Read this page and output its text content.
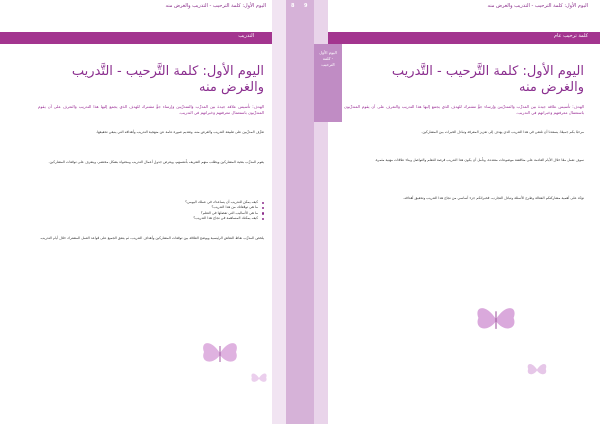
اليوم الأول: كلمة الترحيب - التدريب والغرض منه
التدريب
اليوم الأول: كلمة التَّرحيب - التَّدريب والغرض منه
الهدف: تأسيس علاقة جيدة بين المدرِّب والمتدرِّبين وإرساء جوٍّ مشترك للهدف الذي يجمع إليها هذا التدريب والتعرف على أن يقوم المتدرِّبون باستعمال معرفتهم وخبراتهم في التدريب.
تعرِّف المدرِّبين على طبيعة التدريب والغرض منه، وتقديم صورة عامة عن منهجية التدريب وأهدافه التي ينبغي تحقيقها.
يقوم المدرِّب بتحية المشاركين ويطلب منهم التعريف بأنفسهم، ويعرض جدول أعمال التدريب ومحتواه بشكل مختصر، ويتعرف على توقعات المشاركين.
كيف يمكن للتدريب أن يساعدك في عملك اليومي؟
ما هي توقعاتك من هذا التدريب؟
ما هي الأساليب التي تفضلها في التعلم؟
كيف يمكنك المساهمة في نجاح هذا التدريب؟
يلخص المدرِّب نقاط النقاش الرئيسية ويوضح العلاقة بين توقعات المشاركين وأهداف التدريب، ثم يتفق الجميع على قواعد العمل المشترك خلال أيام التدريب.
8 9	اليوم الأول: كلمة الترحيب - التدريب والغرض منه
كلمة ترحيب عام
اليوم الأول - كلمة الترحيب	اليوم الأول: كلمة التَّرحيب - التَّدريب والغرض منه
الهدف: تأسيس علاقة جيدة بين المدرِّب والمتدرِّبين وإرساء جوٍّ مشترك للهدف الذي يجمع إليها هذا التدريب والتعرف على أن يقوم المتدرِّبون باستعمال معرفتهم وخبراتهم في التدريب.
مرحبًا بكم جميعًا. يسعدنا أن نلتقي في هذا التدريب الذي يهدف إلى تعزيز المعرفة وتبادل الخبرات بين المشاركين.
سوف نعمل معًا خلال الأيام القادمة على مناقشة موضوعات متعددة، ونأمل أن يكون هذا التدريب فرصة للتعلم والتواصل وبناء علاقات مهنية مثمرة.
نؤكد على أهمية مشاركتكم الفعالة وطرح الأسئلة وتبادل التجارب، فخبراتكم جزء أساسي من نجاح هذا التدريب وتحقيق أهدافه.
